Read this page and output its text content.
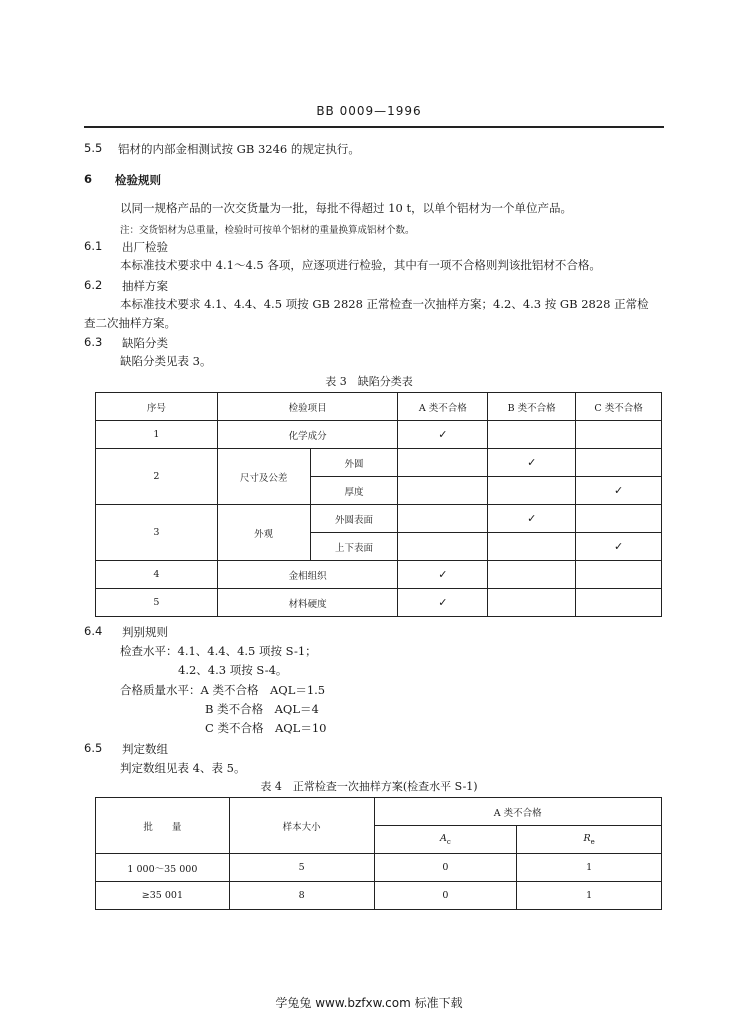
BB 0009—1996
5.5 铝材的内部金相测试按 GB 3246 的规定执行。
6 检验规则
以同一规格产品的一次交货量为一批，每批不得超过 10 t，以单个铝材为一个单位产品。
注：交货铝材为总重量，检验时可按单个铝材的重量换算成铝材个数。
6.1 出厂检验
本标准技术要求中 4.1～4.5 各项，应逐项进行检验，其中有一项不合格则判该批铝材不合格。
6.2 抽样方案
本标准技术要求 4.1、4.4、4.5 项按 GB 2828 正常检查一次抽样方案；4.2、4.3 按 GB 2828 正常检
查二次抽样方案。
6.3 缺陷分类
缺陷分类见表 3。
表 3　缺陷分类表
序号	检验项目		A 类不合格	B 类不合格	C 类不合格
1	化学成分		✓		
2	尺寸及公差	外圆		✓	
		厚度			✓
3	外观	外圆表面		✓	
		上下表面			✓
4	金相组织		✓		
5	材料硬度		✓		
6.4 判别规则
检查水平：4.1、4.4、4.5 项按 S-1；
4.2、4.3 项按 S-4。
合格质量水平：A 类不合格　AQL＝1.5
B 类不合格　AQL＝4
C 类不合格　AQL＝10
6.5 判定数组
判定数组见表 4、表 5。
表 4　正常检查一次抽样方案(检查水平 S-1)
批　　量	样本大小	A 类不合格	
		$A_c$	$R_e$
1 000～35 000	5	0	1
≥35 001	8	0	1
学兔兔 www.bzfxw.com 标准下载
